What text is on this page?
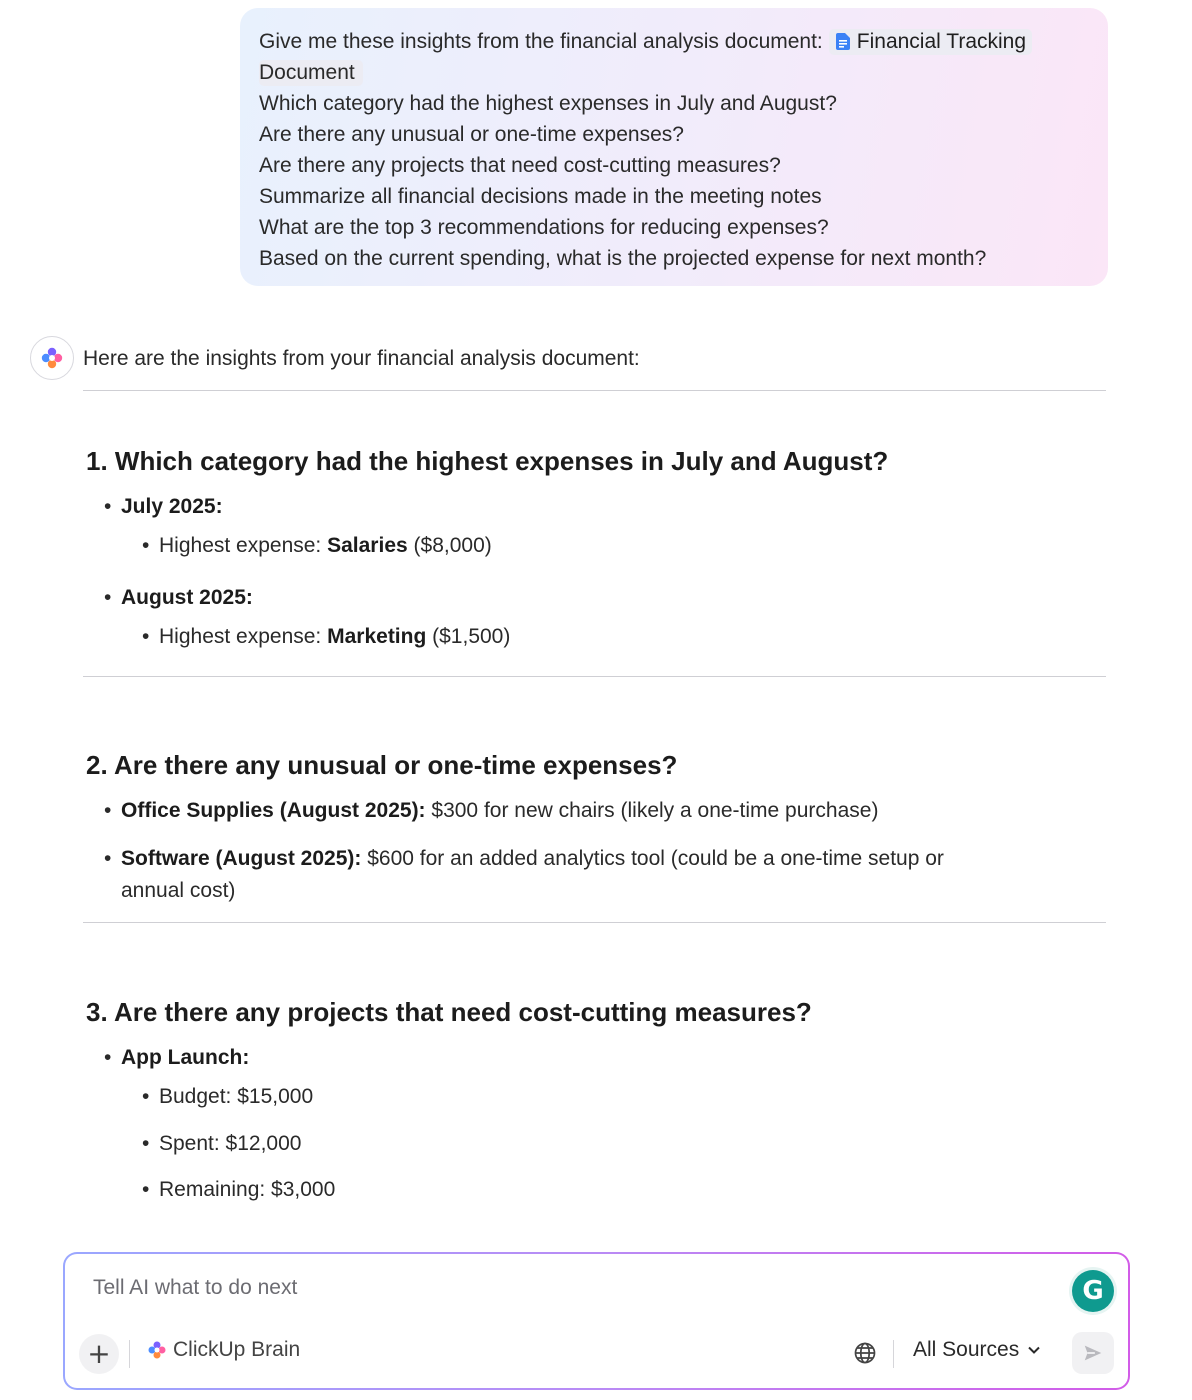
Give me these insights from the financial analysis document: Financial Tracking
Document
Which category had the highest expenses in July and August?
Are there any unusual or one-time expenses?
Are there any projects that need cost-cutting measures?
Summarize all financial decisions made in the meeting notes
What are the top 3 recommendations for reducing expenses?
Based on the current spending, what is the projected expense for next month?
Here are the insights from your financial analysis document:
1. Which category had the highest expenses in July and August?
• July 2025:
• Highest expense: Salaries ($8,000)
• August 2025:
• Highest expense: Marketing ($1,500)
2. Are there any unusual or one-time expenses?
• Office Supplies (August 2025): $300 for new chairs (likely a one-time purchase)
• Software (August 2025): $600 for an added analytics tool (could be a one-time setup or
annual cost)
3. Are there any projects that need cost-cutting measures?
• App Launch:
• Budget: $15,000
• Spent: $12,000
• Remaining: $3,000
Tell AI what to do next
G
+	ClickUp Brain	All Sources
